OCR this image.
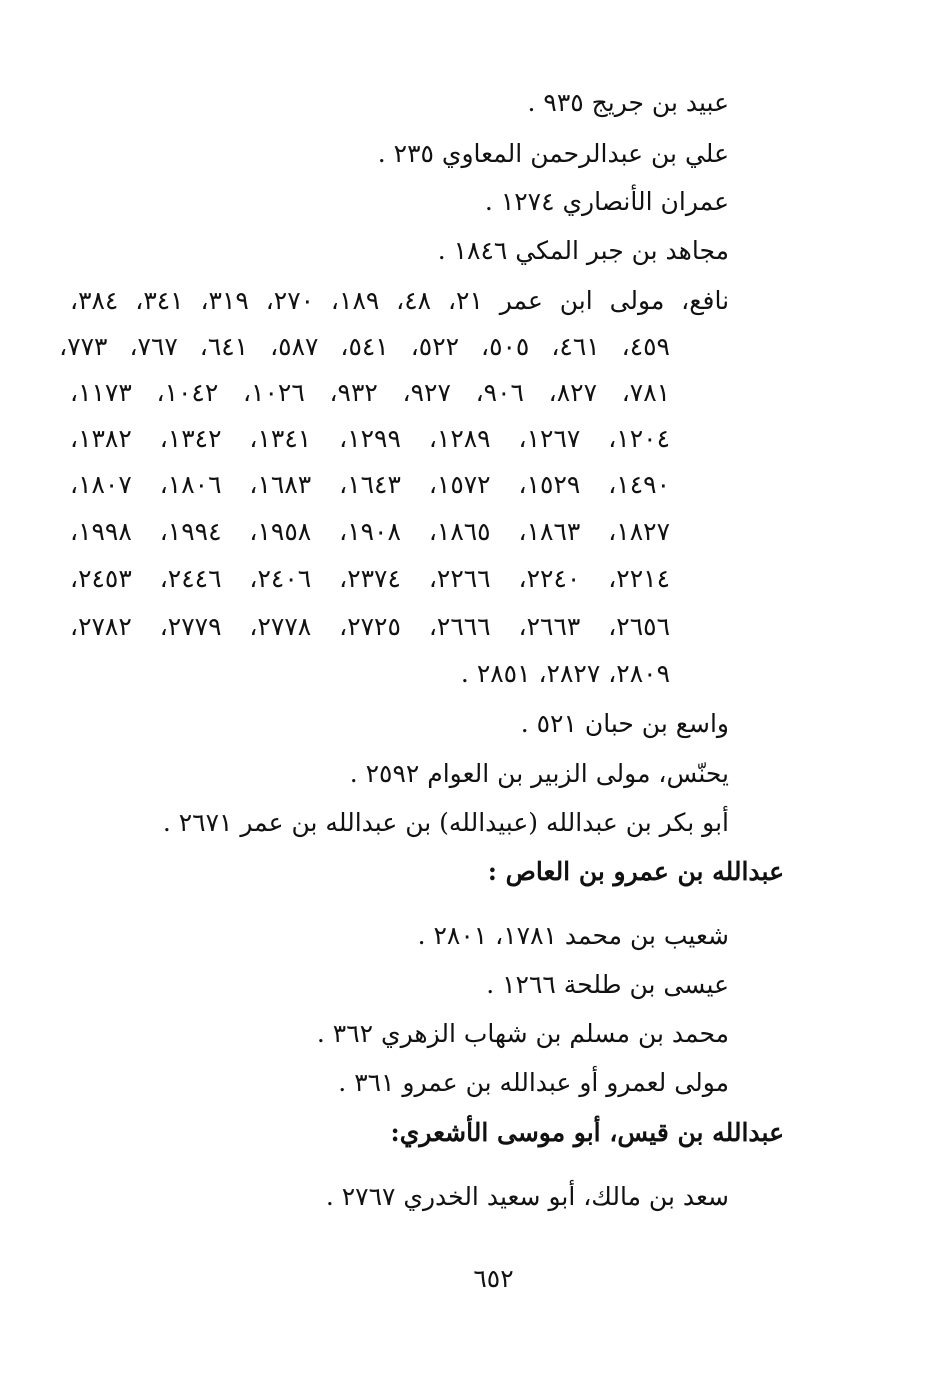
عبيد بن جريج ٩٣٥ .
علي بن عبدالرحمن المعاوي ٢٣٥ .
عمران الأنصاري ١٢٧٤ .
مجاهد بن جبر المكي ١٨٤٦ .
نافع، مولى ابن عمر ٢١، ٤٨، ١٨٩، ٢٧٠، ٣١٩، ٣٤١، ٣٨٤،
٤٥٩، ٤٦١، ٥٠٥، ٥٢٢، ٥٤١، ٥٨٧، ٦٤١، ٧٦٧، ٧٧٣،
٧٨١، ٨٢٧، ٩٠٦، ٩٢٧، ٩٣٢، ١٠٢٦، ١٠٤٢، ١١٧٣،
١٢٠٤، ١٢٦٧، ١٢٨٩، ١٢٩٩، ١٣٤١، ١٣٤٢، ١٣٨٢،
١٤٩٠، ١٥٢٩، ١٥٧٢، ١٦٤٣، ١٦٨٣، ١٨٠٦، ١٨٠٧،
١٨٢٧، ١٨٦٣، ١٨٦٥، ١٩٠٨، ١٩٥٨، ١٩٩٤، ١٩٩٨،
٢٢١٤، ٢٢٤٠، ٢٢٦٦، ٢٣٧٤، ٢٤٠٦، ٢٤٤٦، ٢٤٥٣،
٢٦٥٦، ٢٦٦٣، ٢٦٦٦، ٢٧٢٥، ٢٧٧٨، ٢٧٧٩، ٢٧٨٢،
٢٨٠٩، ٢٨٢٧، ٢٨٥١ .
واسع بن حبان ٥٢١ .
يحنّس، مولى الزبير بن العوام ٢٥٩٢ .
أبو بكر بن عبدالله (عبيدالله) بن عبدالله بن عمر ٢٦٧١ .
عبدالله بن عمرو بن العاص :
شعيب بن محمد ١٧٨١، ٢٨٠١ .
عيسى بن طلحة ١٢٦٦ .
محمد بن مسلم بن شهاب الزهري ٣٦٢ .
مولى لعمرو أو عبدالله بن عمرو ٣٦١ .
عبدالله بن قيس، أبو موسى الأشعري:
سعد بن مالك، أبو سعيد الخدري ٢٧٦٧ .
٦٥٢
